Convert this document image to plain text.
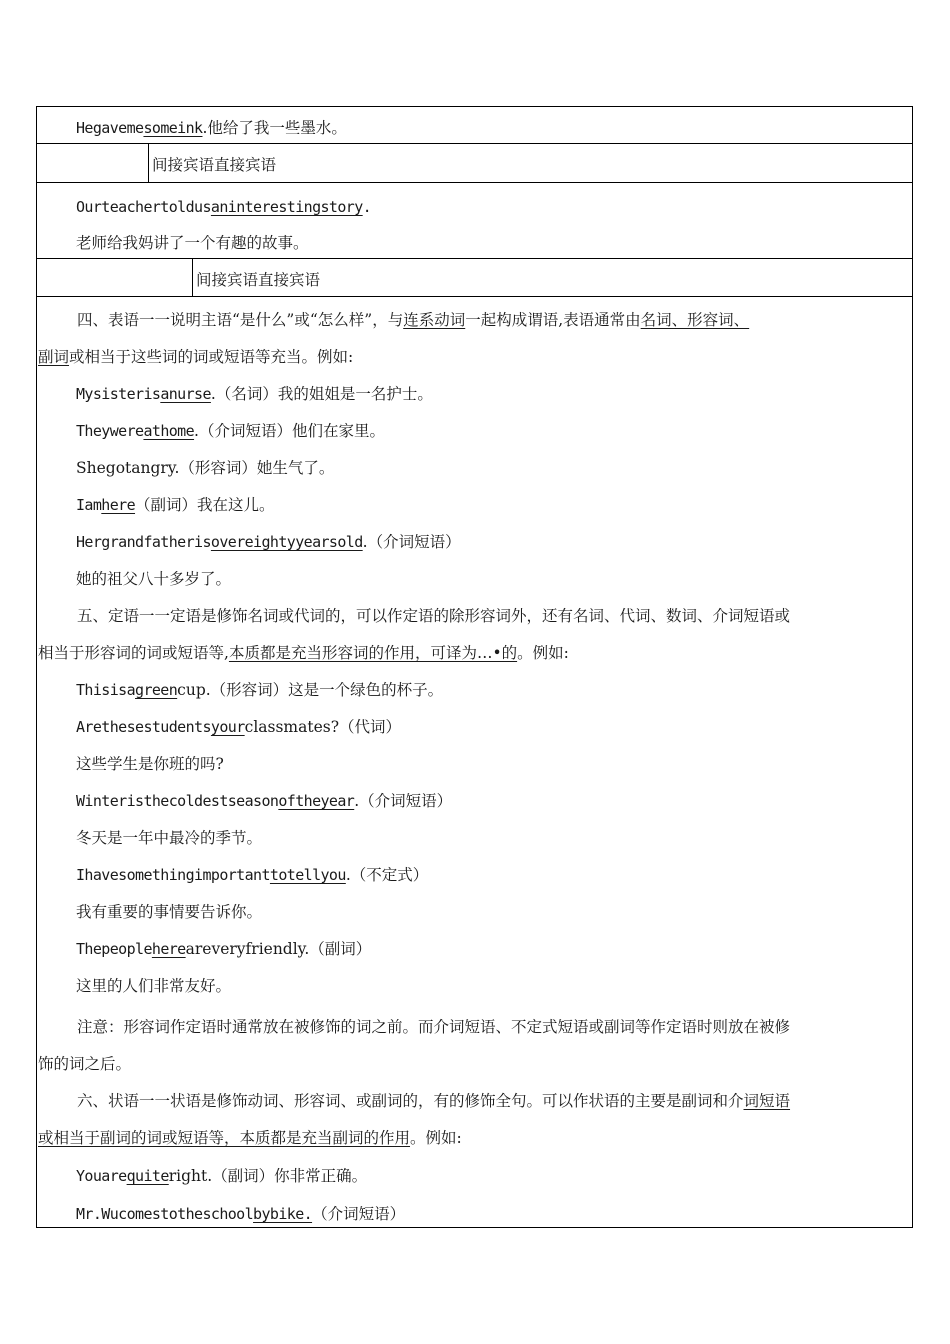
Hegavemesomeink.他给了我一些墨水。
间接宾语直接宾语
Ourteachertoldusaninterestingstory.
老师给我妈讲了一个有趣的故事。
间接宾语直接宾语
四、表语一一说明主语“是什么”或“怎么样”，与连系动词一起构成谓语,表语通常由名词、形容词、
副词或相当于这些词的词或短语等充当。例如:
Mysisterisanurse.（名词）我的姐姐是一名护士。
Theywereathome.（介词短语）他们在家里。
Shegotangry.（形容词）她生气了。
Iamhere（副词）我在这儿。
Hergrandfatherisovereightyyearsold.（介词短语）
她的祖父八十多岁了。
五、定语一一定语是修饰名词或代词的，可以作定语的除形容词外，还有名词、代词、数词、介词短语或
相当于形容词的词或短语等,本质都是充当形容词的作用，可译为…•的。例如:
Thisisagreencup.（形容词）这是一个绿色的杯子。
Arethesestudentsyourclassmates?（代词）
这些学生是你班的吗?
Winteristhecoldestseasonoftheyear.（介词短语）
冬天是一年中最冷的季节。
Ihavesomethingimportanttotellyou.（不定式）
我有重要的事情要告诉你。
Thepeoplehereareveryfriendly.（副词）
这里的人们非常友好。
注意：形容词作定语时通常放在被修饰的词之前。而介词短语、不定式短语或副词等作定语时则放在被修
饰的词之后。
六、状语一一状语是修饰动词、形容词、或副词的，有的修饰全句。可以作状语的主要是副词和介词短语
或相当于副词的词或短语等，本质都是充当副词的作用。例如:
Youarequiteright.（副词）你非常正确。
Mr.Wucomestotheschoolbybike.（介词短语）
